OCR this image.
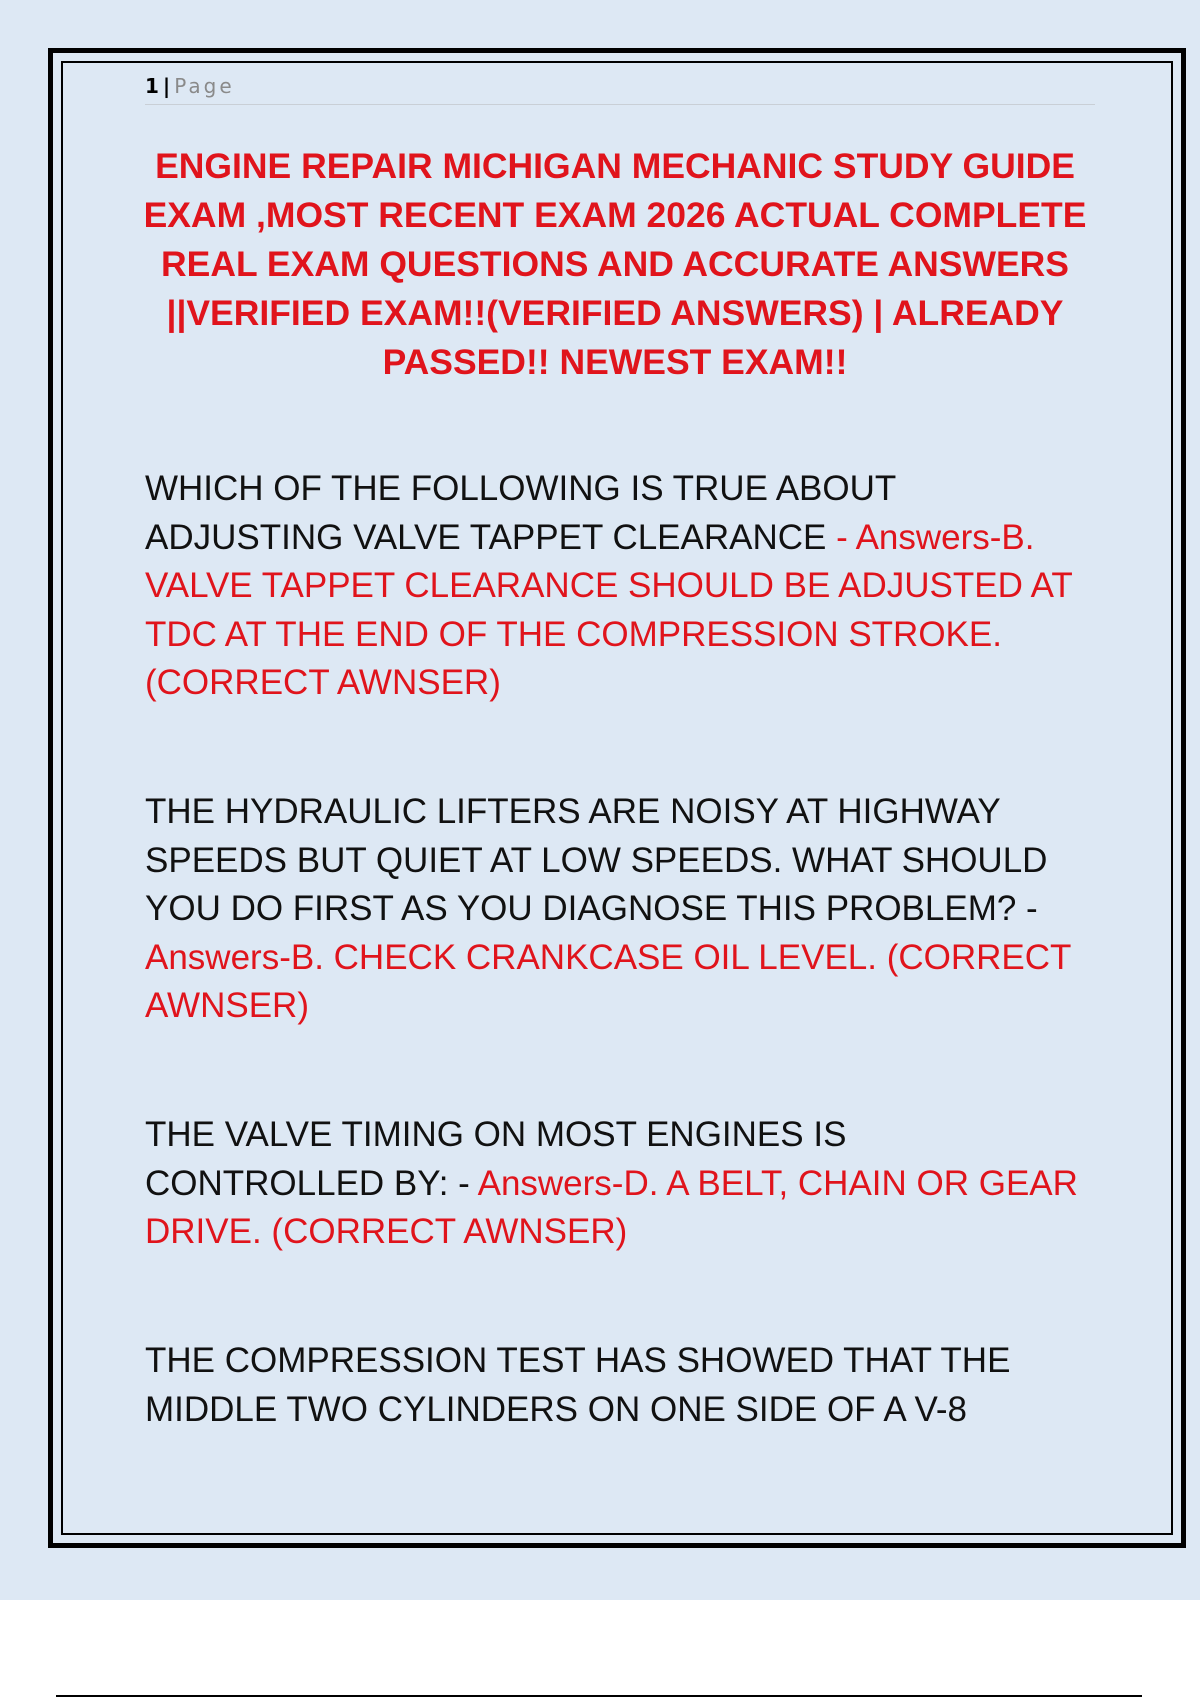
1 | Page
ENGINE REPAIR MICHIGAN MECHANIC STUDY GUIDE EXAM ,MOST RECENT EXAM 2026 ACTUAL COMPLETE REAL EXAM QUESTIONS AND ACCURATE ANSWERS ||VERIFIED EXAM!!(VERIFIED ANSWERS) | ALREADY PASSED!! NEWEST EXAM!!

WHICH OF THE FOLLOWING IS TRUE ABOUT ADJUSTING VALVE TAPPET CLEARANCE - Answers-B. VALVE TAPPET CLEARANCE SHOULD BE ADJUSTED AT TDC AT THE END OF THE COMPRESSION STROKE. (CORRECT AWNSER)

THE HYDRAULIC LIFTERS ARE NOISY AT HIGHWAY SPEEDS BUT QUIET AT LOW SPEEDS. WHAT SHOULD YOU DO FIRST AS YOU DIAGNOSE THIS PROBLEM? - Answers-B. CHECK CRANKCASE OIL LEVEL. (CORRECT AWNSER)

THE VALVE TIMING ON MOST ENGINES IS CONTROLLED BY: - Answers-D. A BELT, CHAIN OR GEAR DRIVE. (CORRECT AWNSER)

THE COMPRESSION TEST HAS SHOWED THAT THE MIDDLE TWO CYLINDERS ON ONE SIDE OF A V-8
